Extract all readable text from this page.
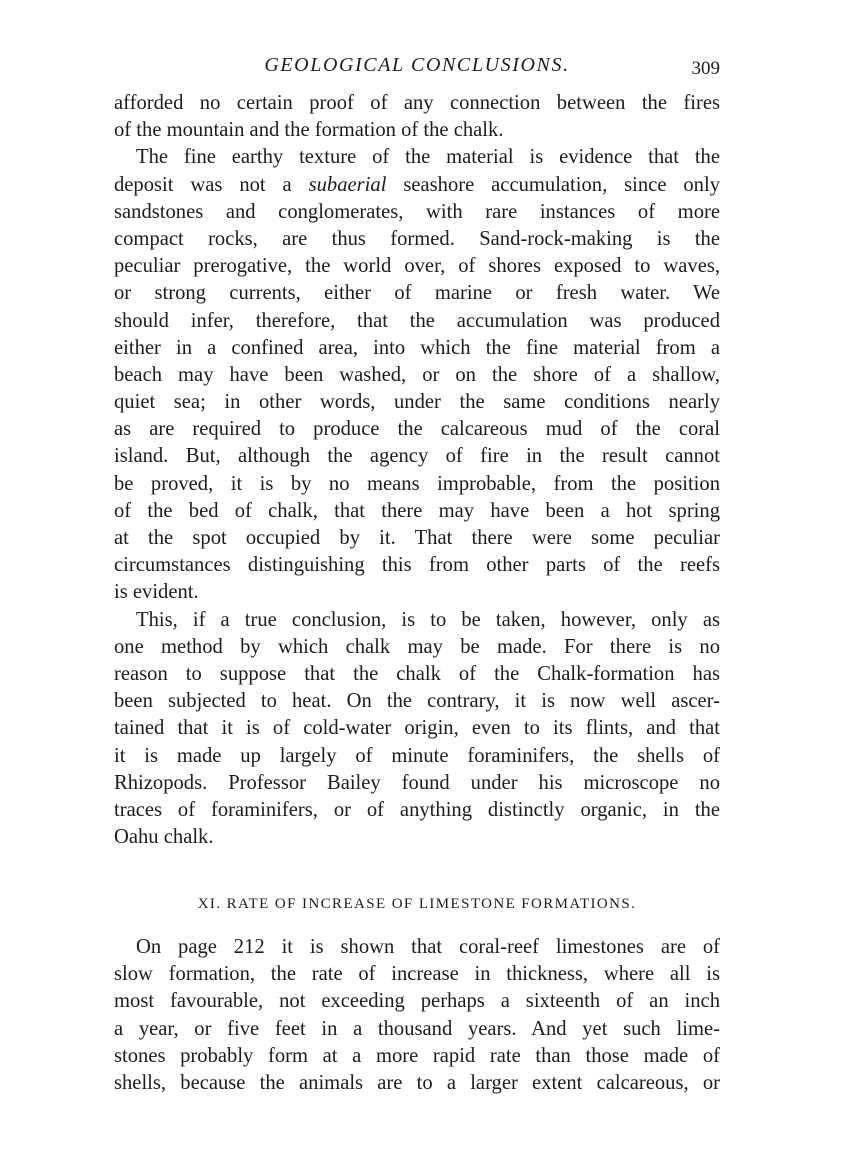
GEOLOGICAL CONCLUSIONS.	309
afforded no certain proof of any connection between the fires
of the mountain and the formation of the chalk.
The fine earthy texture of the material is evidence that the
deposit was not a subaerial seashore accumulation, since only
sandstones and conglomerates, with rare instances of more
compact rocks, are thus formed. Sand-rock-making is the
peculiar prerogative, the world over, of shores exposed to waves,
or strong currents, either of marine or fresh water. We
should infer, therefore, that the accumulation was produced
either in a confined area, into which the fine material from a
beach may have been washed, or on the shore of a shallow,
quiet sea; in other words, under the same conditions nearly
as are required to produce the calcareous mud of the coral
island. But, although the agency of fire in the result cannot
be proved, it is by no means improbable, from the position
of the bed of chalk, that there may have been a hot spring
at the spot occupied by it. That there were some peculiar
circumstances distinguishing this from other parts of the reefs
is evident.
This, if a true conclusion, is to be taken, however, only as
one method by which chalk may be made. For there is no
reason to suppose that the chalk of the Chalk-formation has
been subjected to heat. On the contrary, it is now well ascer-
tained that it is of cold-water origin, even to its flints, and that
it is made up largely of minute foraminifers, the shells of
Rhizopods. Professor Bailey found under his microscope no
traces of foraminifers, or of anything distinctly organic, in the
Oahu chalk.
XI. RATE OF INCREASE OF LIMESTONE FORMATIONS.
On page 212 it is shown that coral-reef limestones are of
slow formation, the rate of increase in thickness, where all is
most favourable, not exceeding perhaps a sixteenth of an inch
a year, or five feet in a thousand years. And yet such lime-
stones probably form at a more rapid rate than those made of
shells, because the animals are to a larger extent calcareous, or
